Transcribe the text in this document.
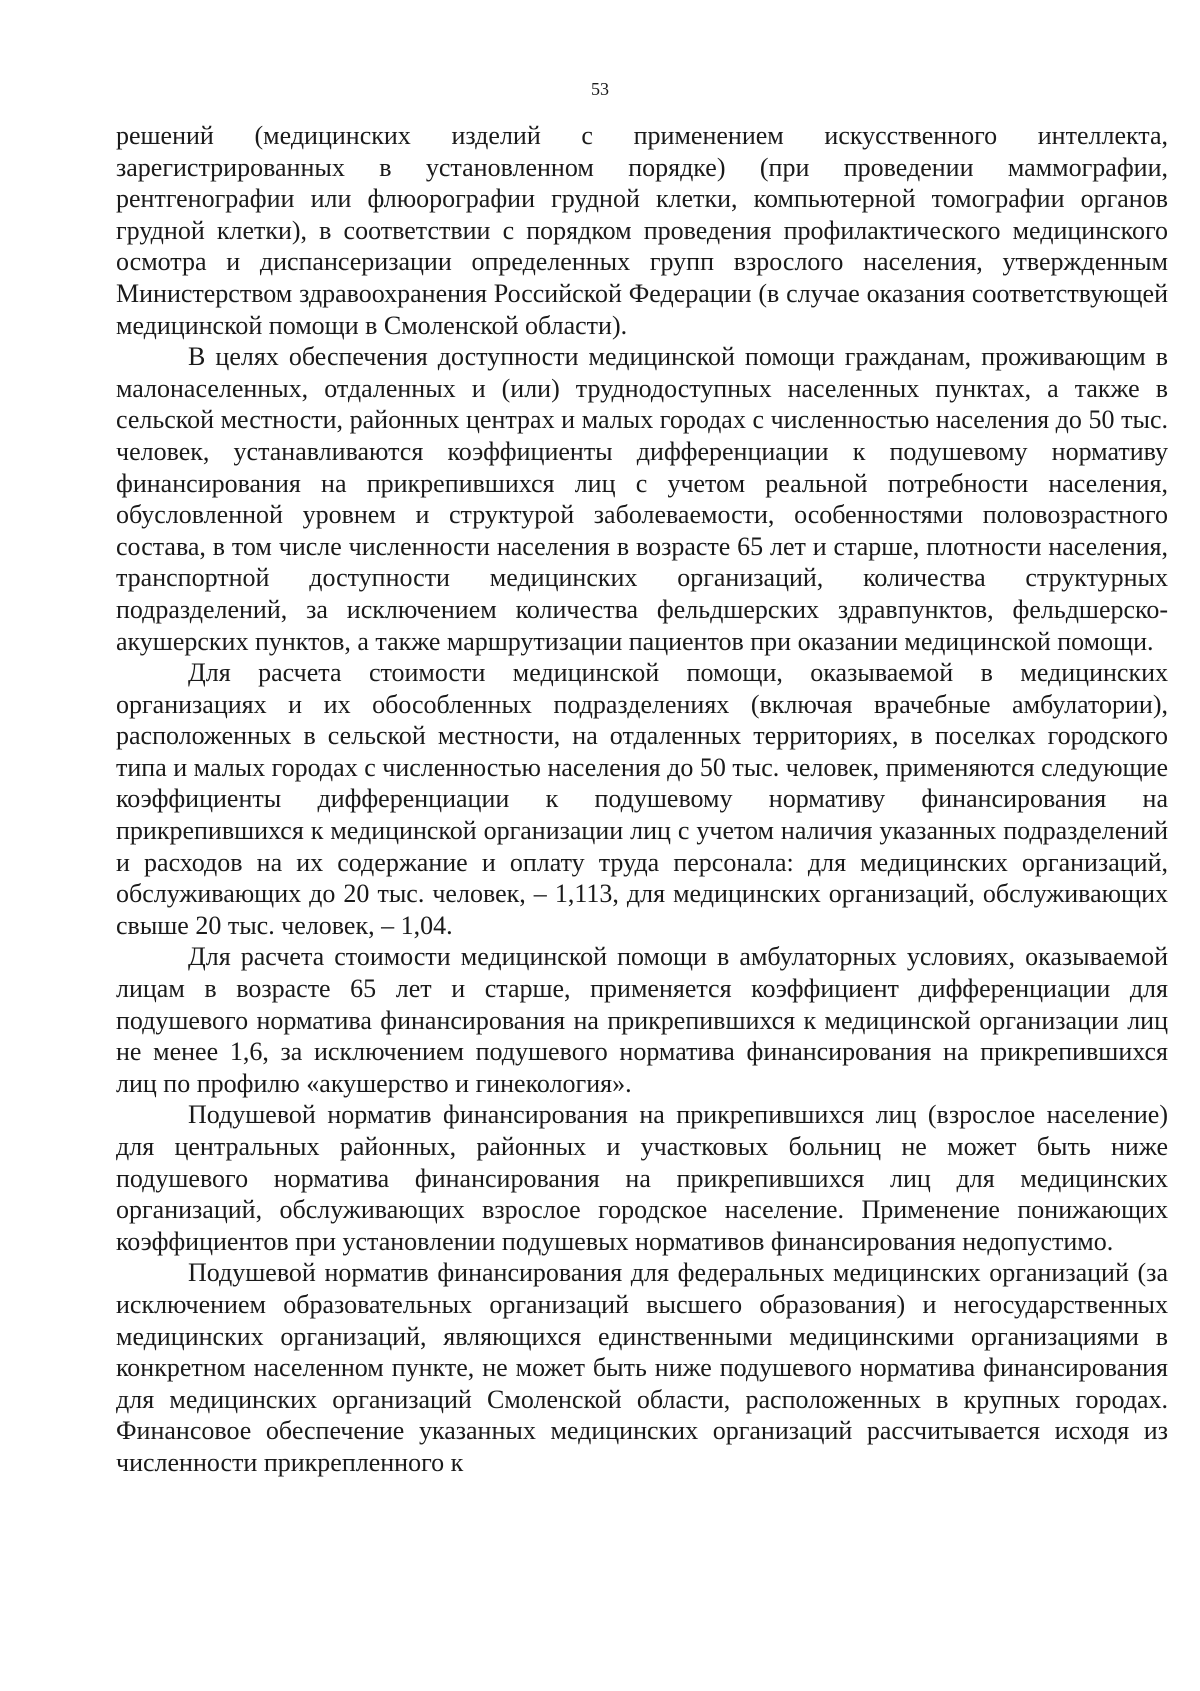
53

решений (медицинских изделий с применением искусственного интеллекта, зарегистрированных в установленном порядке) (при проведении маммографии, рентгенографии или флюорографии грудной клетки, компьютерной томографии органов грудной клетки), в соответствии с порядком проведения профилактического медицинского осмотра и диспансеризации определенных групп взрослого населения, утвержденным Министерством здравоохранения Российской Федерации (в случае оказания соответствующей медицинской помощи в Смоленской области).

В целях обеспечения доступности медицинской помощи гражданам, проживающим в малонаселенных, отдаленных и (или) труднодоступных населенных пунктах, а также в сельской местности, районных центрах и малых городах с численностью населения до 50 тыс. человек, устанавливаются коэффициенты дифференциации к подушевому нормативу финансирования на прикрепившихся лиц с учетом реальной потребности населения, обусловленной уровнем и структурой заболеваемости, особенностями половозрастного состава, в том числе численности населения в возрасте 65 лет и старше, плотности населения, транспортной доступности медицинских организаций, количества структурных подразделений, за исключением количества фельдшерских здравпунктов, фельдшерско-акушерских пунктов, а также маршрутизации пациентов при оказании медицинской помощи.

Для расчета стоимости медицинской помощи, оказываемой в медицинских организациях и их обособленных подразделениях (включая врачебные амбулатории), расположенных в сельской местности, на отдаленных территориях, в поселках городского типа и малых городах с численностью населения до 50 тыс. человек, применяются следующие коэффициенты дифференциации к подушевому нормативу финансирования на прикрепившихся к медицинской организации лиц с учетом наличия указанных подразделений и расходов на их содержание и оплату труда персонала: для медицинских организаций, обслуживающих до 20 тыс. человек, – 1,113, для медицинских организаций, обслуживающих свыше 20 тыс. человек, – 1,04.

Для расчета стоимости медицинской помощи в амбулаторных условиях, оказываемой лицам в возрасте 65 лет и старше, применяется коэффициент дифференциации для подушевого норматива финансирования на прикрепившихся к медицинской организации лиц не менее 1,6, за исключением подушевого норматива финансирования на прикрепившихся лиц по профилю «акушерство и гинекология».

Подушевой норматив финансирования на прикрепившихся лиц (взрослое население) для центральных районных, районных и участковых больниц не может быть ниже подушевого норматива финансирования на прикрепившихся лиц для медицинских организаций, обслуживающих взрослое городское население. Применение понижающих коэффициентов при установлении подушевых нормативов финансирования недопустимо.

Подушевой норматив финансирования для федеральных медицинских организаций (за исключением образовательных организаций высшего образования) и негосударственных медицинских организаций, являющихся единственными медицинскими организациями в конкретном населенном пункте, не может быть ниже подушевого норматива финансирования для медицинских организаций Смоленской области, расположенных в крупных городах. Финансовое обеспечение указанных медицинских организаций рассчитывается исходя из численности прикрепленного к
